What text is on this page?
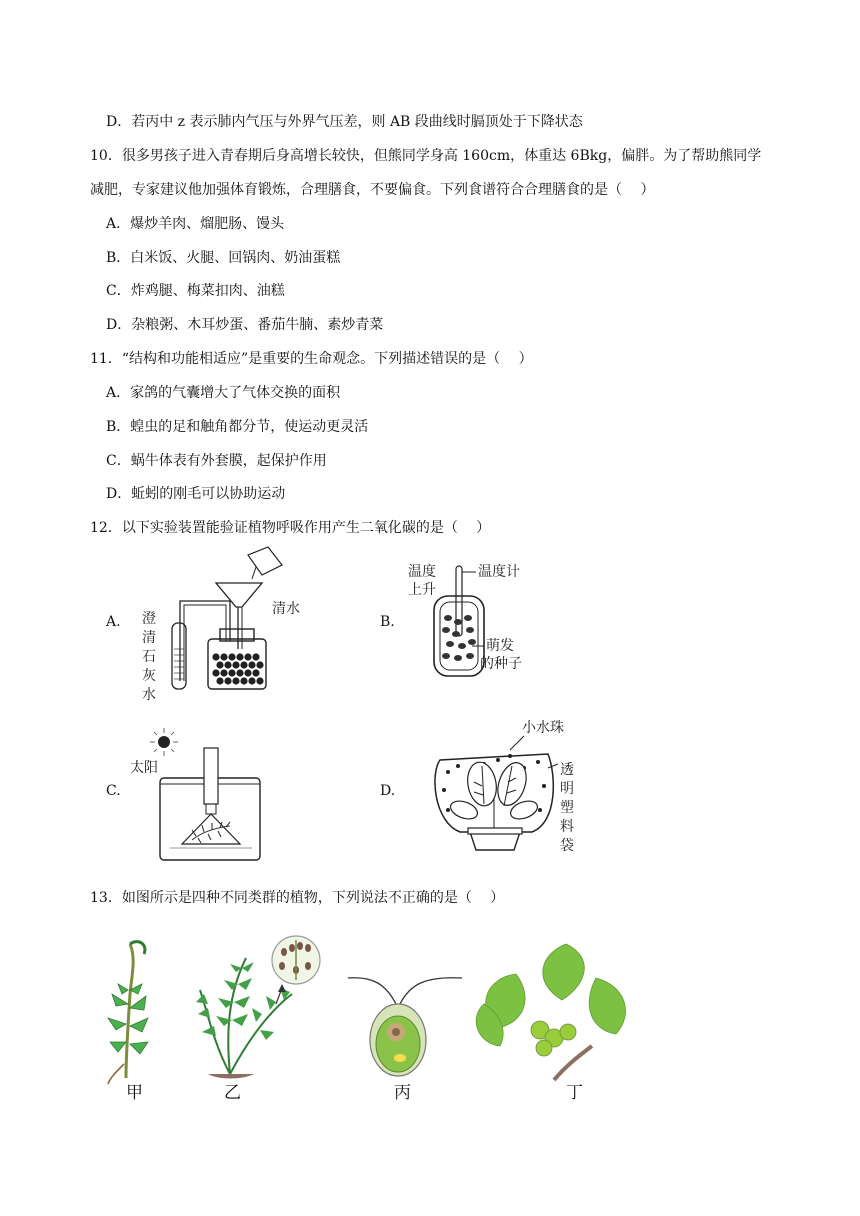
D．若丙中 z 表示肺内气压与外界气压差，则 AB 段曲线时膈顶处于下降状态
10．很多男孩子进入青春期后身高增长较快，但熊同学身高 160cm，体重达 6Bkg，偏胖。为了帮助熊同学
减肥，专家建议他加强体育锻炼，合理膳食，不要偏食。下列食谱符合合理膳食的是（　 ）
A．爆炒羊肉、熘肥肠、馒头
B．白米饭、火腿、回锅肉、奶油蛋糕
C．炸鸡腿、梅菜扣肉、油糕
D．杂粮粥、木耳炒蛋、番茄牛腩、素炒青菜
11．“结构和功能相适应”是重要的生命观念。下列描述错误的是（　 ）
A．家鸽的气囊增大了气体交换的面积
B．蝗虫的足和触角都分节，使运动更灵活
C．蜗牛体表有外套膜，起保护作用
D．蚯蚓的刚毛可以协助运动
12．以下实验装置能验证植物呼吸作用产生二氧化碳的是（　 ）
A.	B.
C.	D.
澄
清
石
灰
水
清水
温度
上升
温度计
萌发
的种子
太阳
小水珠
透
明
塑
料
袋
13．如图所示是四种不同类群的植物，下列说法不正确的是（　 ）
甲	乙	丙	丁
